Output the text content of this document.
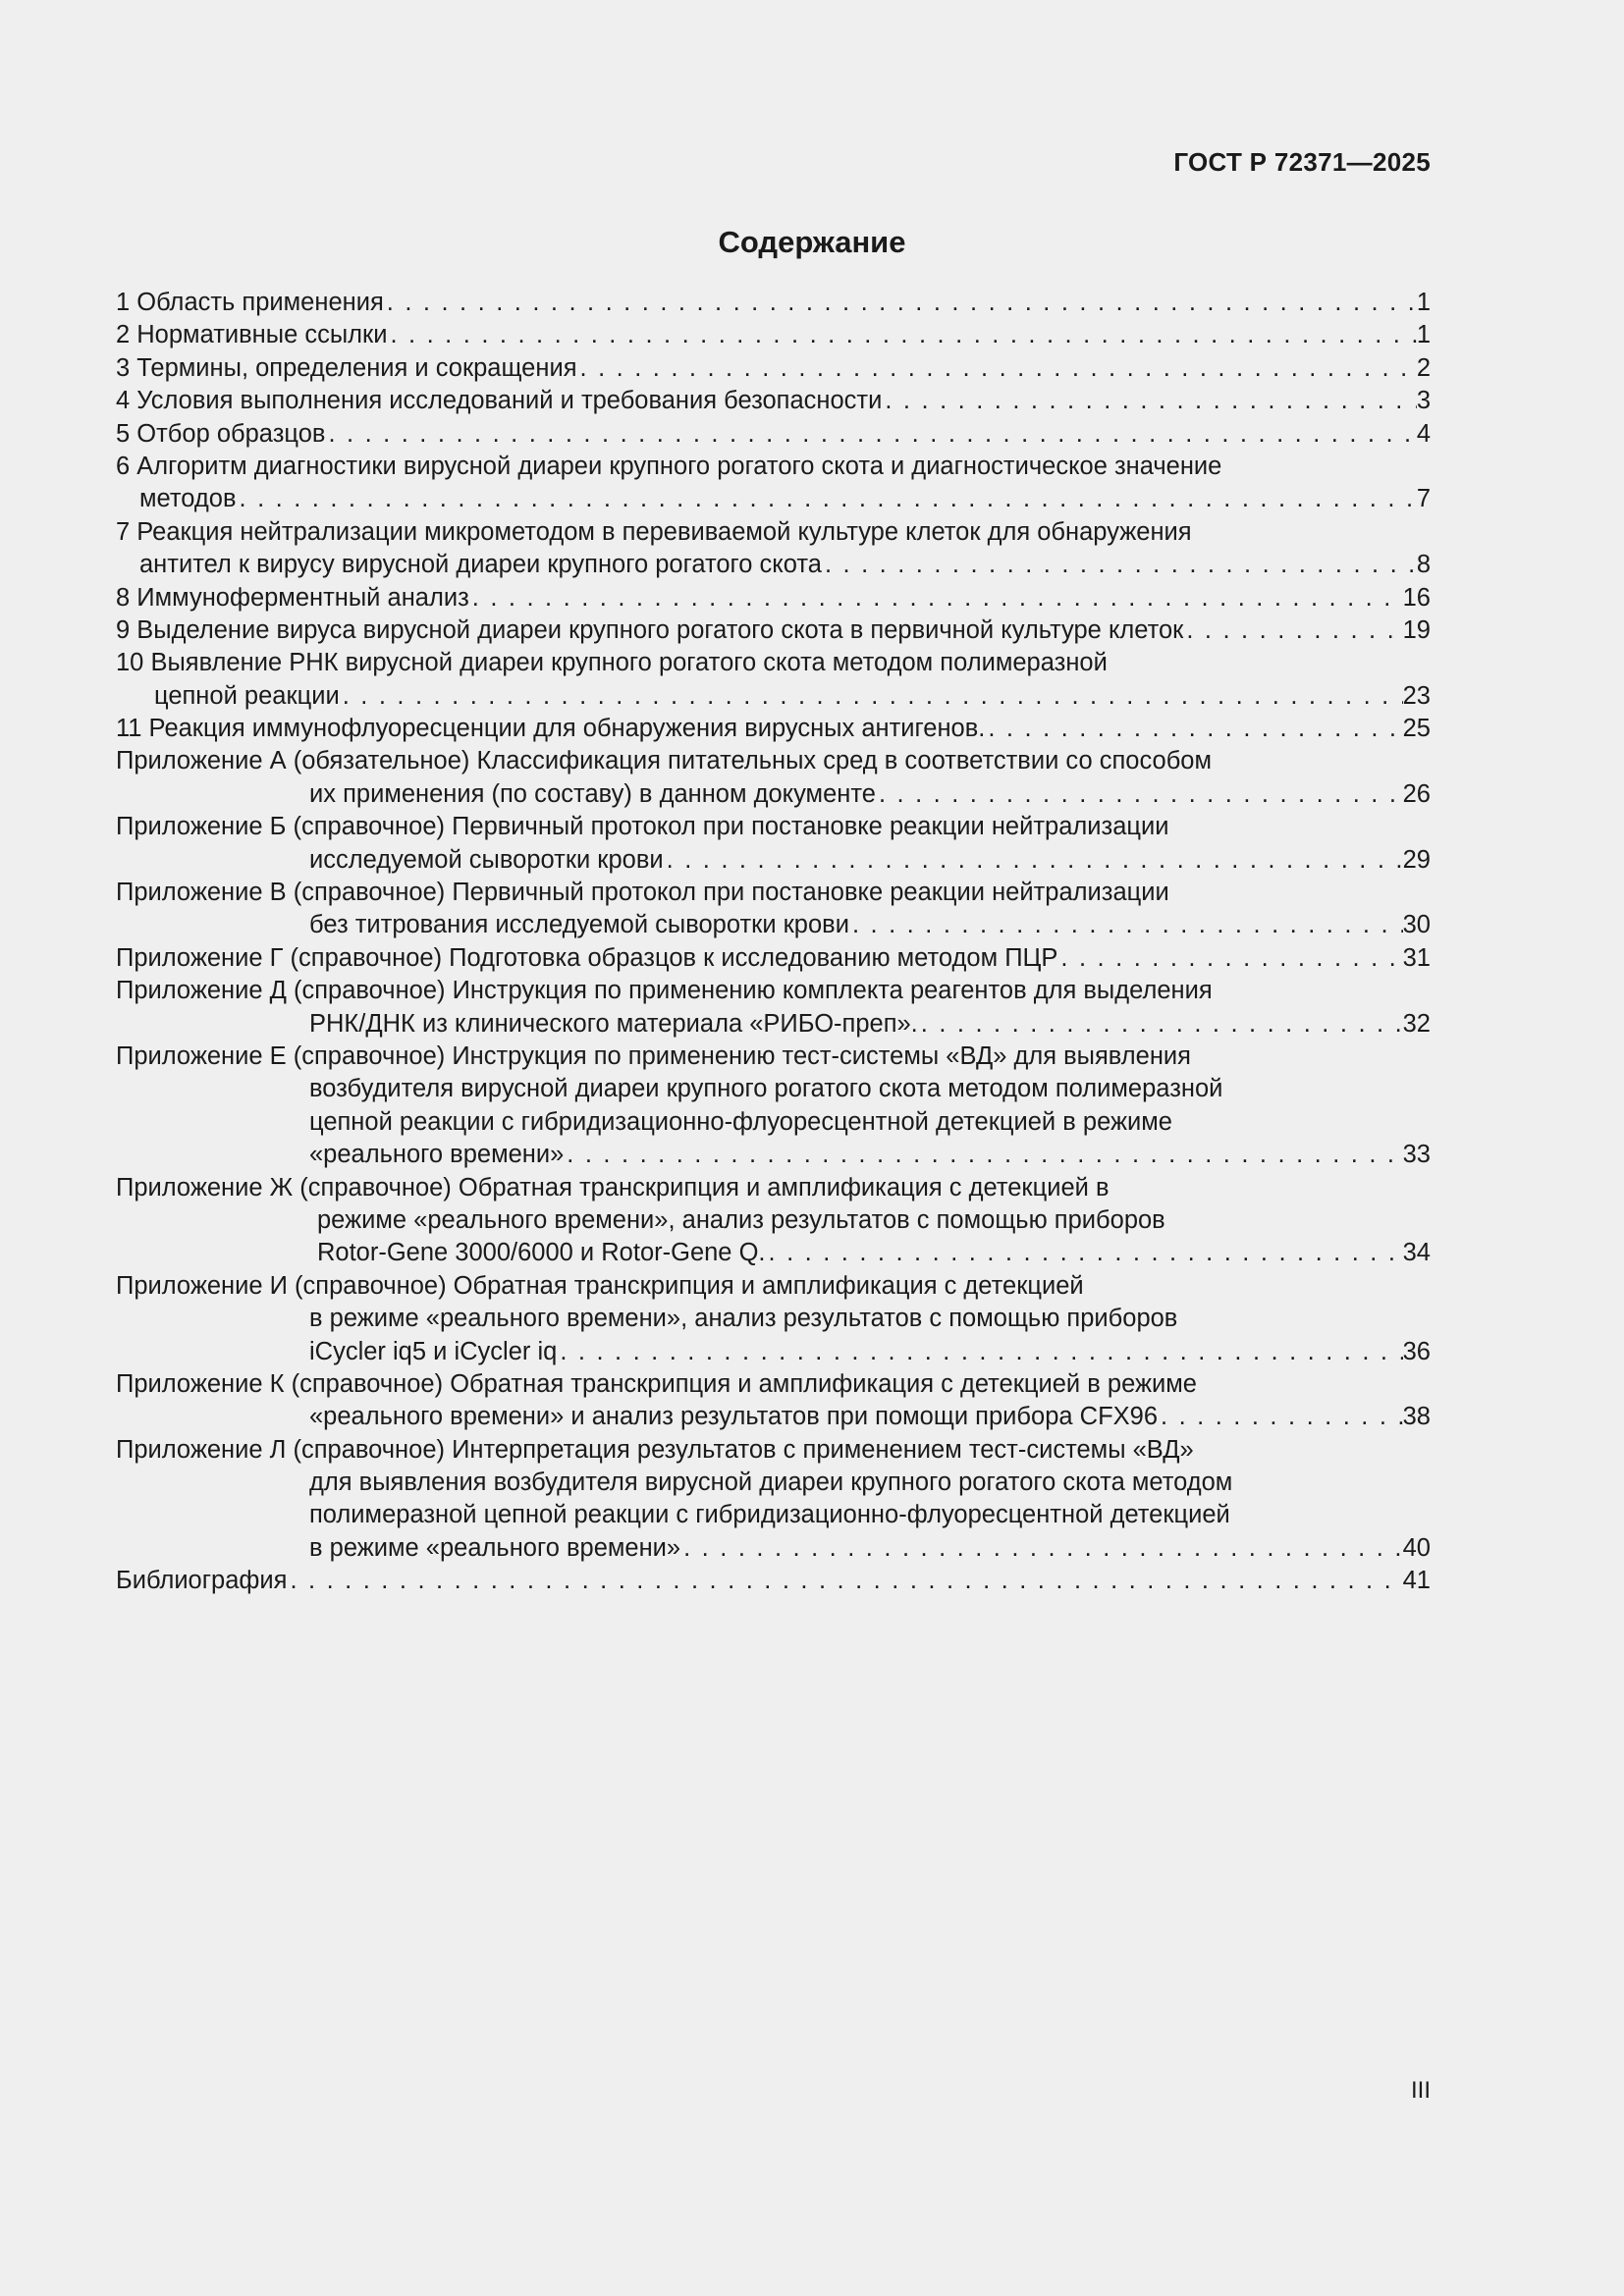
ГОСТ Р 72371—2025
Содержание
1 Область применения . . .	1
2 Нормативные ссылки . . .	1
3 Термины, определения и сокращения . . .	2
4 Условия выполнения исследований и требования безопасности . . .	3
5 Отбор образцов . . .	4
6 Алгоритм диагностики вирусной диареи крупного рогатого скота и диагностическое значение
методов . . .	7
7 Реакция нейтрализации микрометодом в перевиваемой культуре клеток для обнаружения
антител к вирусу вирусной диареи крупного рогатого скота . . .	8
8 Иммуноферментный анализ . . .	16
9 Выделение вируса вирусной диареи крупного рогатого скота в первичной культуре клеток . . .	19
10 Выявление РНК вирусной диареи крупного рогатого скота методом полимеразной
цепной реакции . . .	23
11 Реакция иммунофлуоресценции для обнаружения вирусных антигенов. . . .	25
Приложение А (обязательное) Классификация питательных сред в соответствии со способом
их применения (по составу) в данном документе . . .	26
Приложение Б (справочное) Первичный протокол при постановке реакции нейтрализации
исследуемой сыворотки крови . . .	29
Приложение В (справочное) Первичный протокол при постановке реакции нейтрализации
без титрования исследуемой сыворотки крови . . .	30
Приложение Г (справочное) Подготовка образцов к исследованию методом ПЦР . . .	31
Приложение Д (справочное) Инструкция по применению комплекта реагентов для выделения
РНК/ДНК из клинического материала «РИБО-преп». . . .	32
Приложение Е (справочное) Инструкция по применению тест-системы «ВД» для выявления
возбудителя вирусной диареи крупного рогатого скота методом полимеразной
цепной реакции с гибридизационно-флуоресцентной детекцией в режиме
«реального времени» . . .	33
Приложение Ж (справочное) Обратная транскрипция и амплификация с детекцией в
режиме «реального времени», анализ результатов с помощью приборов
Rotor-Gene 3000/6000 и Rotor-Gene Q. . . .	34
Приложение И (справочное) Обратная транскрипция и амплификация с детекцией
в режиме «реального времени», анализ результатов с помощью приборов
iCycler iq5 и iCycler iq . . .	36
Приложение К (справочное) Обратная транскрипция и амплификация с детекцией в режиме
«реального времени» и анализ результатов при помощи прибора CFX96 . . .	38
Приложение Л (справочное) Интерпретация результатов с применением тест-системы «ВД»
для выявления возбудителя вирусной диареи крупного рогатого скота методом
полимеразной цепной реакции с гибридизационно-флуоресцентной детекцией
в режиме «реального времени» . . .	40
Библиография . . .	41
III
